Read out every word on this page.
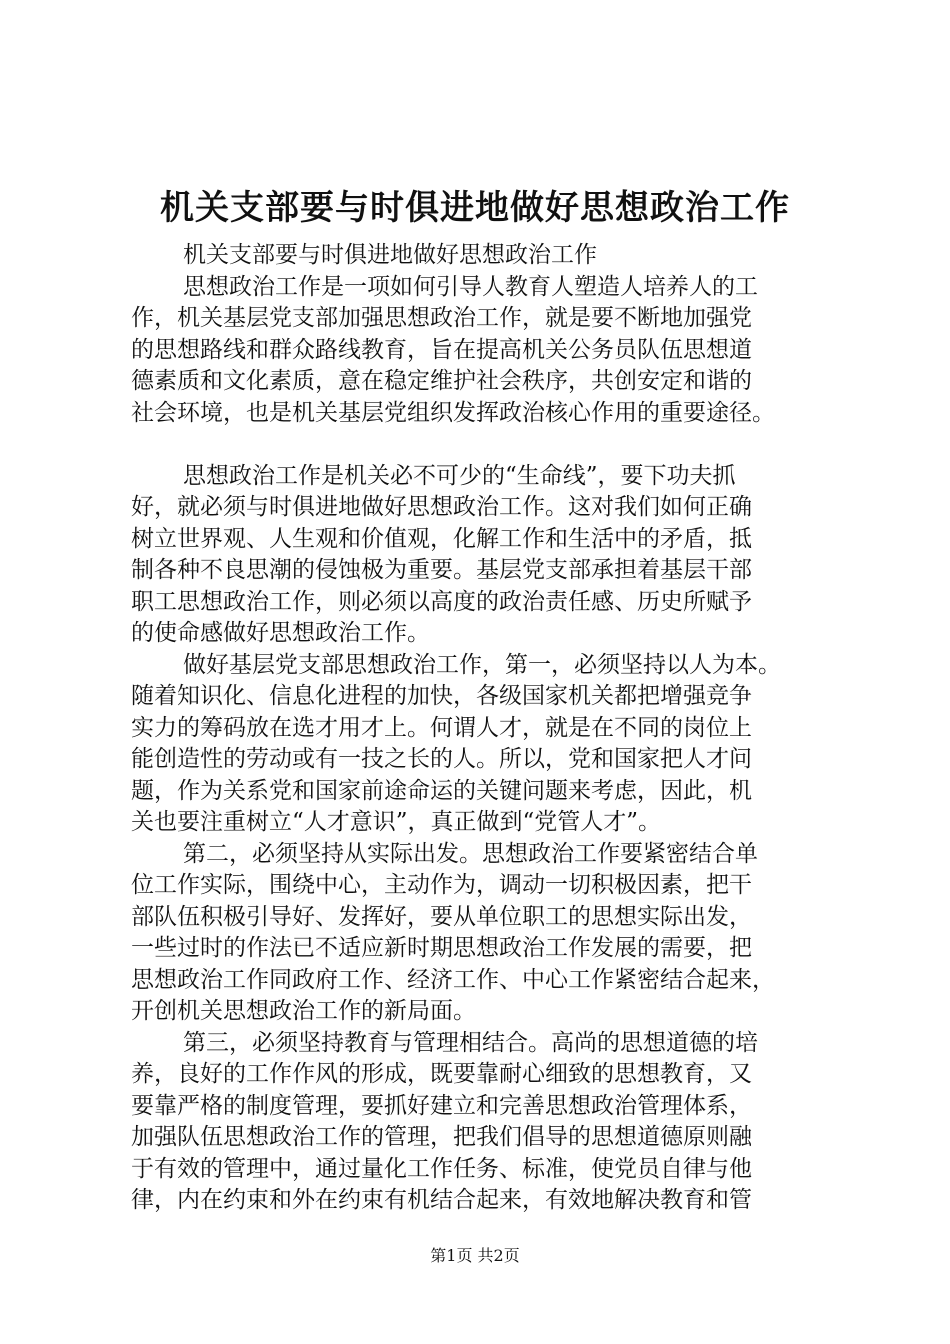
机关支部要与时俱进地做好思想政治工作
机关支部要与时俱进地做好思想政治工作
思想政治工作是一项如何引导人教育人塑造人培养人的工
作，机关基层党支部加强思想政治工作，就是要不断地加强党
的思想路线和群众路线教育，旨在提高机关公务员队伍思想道
德素质和文化素质，意在稳定维护社会秩序，共创安定和谐的
社会环境，也是机关基层党组织发挥政治核心作用的重要途径。
思想政治工作是机关必不可少的“生命线”，要下功夫抓
好，就必须与时俱进地做好思想政治工作。这对我们如何正确
树立世界观、人生观和价值观，化解工作和生活中的矛盾，抵
制各种不良思潮的侵蚀极为重要。基层党支部承担着基层干部
职工思想政治工作，则必须以高度的政治责任感、历史所赋予
的使命感做好思想政治工作。
做好基层党支部思想政治工作，第一，必须坚持以人为本。
随着知识化、信息化进程的加快，各级国家机关都把增强竞争
实力的筹码放在选才用才上。何谓人才，就是在不同的岗位上
能创造性的劳动或有一技之长的人。所以，党和国家把人才问
题，作为关系党和国家前途命运的关键问题来考虑，因此，机
关也要注重树立“人才意识”，真正做到“党管人才”。
第二，必须坚持从实际出发。思想政治工作要紧密结合单
位工作实际，围绕中心，主动作为，调动一切积极因素，把干
部队伍积极引导好、发挥好，要从单位职工的思想实际出发，
一些过时的作法已不适应新时期思想政治工作发展的需要，把
思想政治工作同政府工作、经济工作、中心工作紧密结合起来，
开创机关思想政治工作的新局面。
第三，必须坚持教育与管理相结合。高尚的思想道德的培
养，良好的工作作风的形成，既要靠耐心细致的思想教育，又
要靠严格的制度管理，要抓好建立和完善思想政治管理体系，
加强队伍思想政治工作的管理，把我们倡导的思想道德原则融
于有效的管理中，通过量化工作任务、标准，使党员自律与他
律，内在约束和外在约束有机结合起来，有效地解决教育和管
第1页 共2页
